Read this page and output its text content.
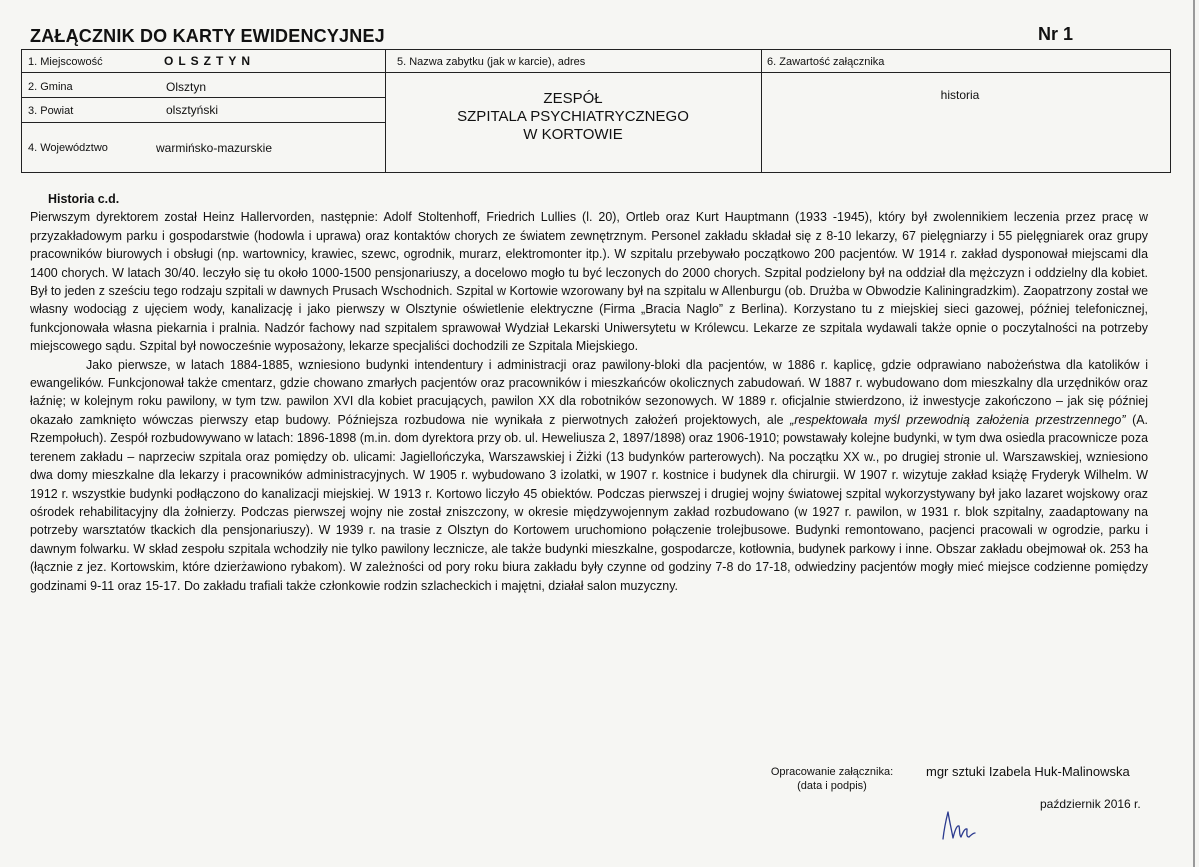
ZAŁĄCZNIK DO KARTY EWIDENCYJNEJ	Nr 1
1. Miejscowość	OLSZTYN
2. Gmina	Olsztyn
3. Powiat	olsztyński
4. Województwo	warmińsko-mazurskie
5. Nazwa zabytku (jak w karcie), adres
ZESPÓŁ
SZPITALA PSYCHIATRYCZNEGO
W KORTOWIE
6. Zawartość załącznika
historia
Historia c.d.

Pierwszym dyrektorem został Heinz Hallervorden, następnie: Adolf Stoltenhoff, Friedrich Lullies (l. 20), Ortleb oraz Kurt Hauptmann (1933 -1945), który był zwolennikiem leczenia przez pracę w przyzakładowym parku i gospodarstwie (hodowla i uprawa) oraz kontaktów chorych ze światem zewnętrznym. Personel zakładu składał się z 8-10 lekarzy, 67 pielęgniarzy i 55 pielęgniarek oraz grupy pracowników biurowych i obsługi (np. wartownicy, krawiec, szewc, ogrodnik, murarz, elektromonter itp.). W szpitalu przebywało początkowo 200 pacjentów. W 1914 r. zakład dysponował miejscami dla 1400 chorych. W latach 30/40. leczyło się tu około 1000-1500 pensjonariuszy, a docelowo mogło tu być leczonych do 2000 chorych. Szpital podzielony był na oddział dla mężczyzn i oddzielny dla kobiet. Był to jeden z sześciu tego rodzaju szpitali w dawnych Prusach Wschodnich. Szpital w Kortowie wzorowany był na szpitalu w Allenburgu (ob. Drużba w Obwodzie Kaliningradzkim). Zaopatrzony został we własny wodociąg z ujęciem wody, kanalizację i jako pierwszy w Olsztynie oświetlenie elektryczne (Firma „Bracia Naglo” z Berlina). Korzystano tu z miejskiej sieci gazowej, później telefonicznej, funkcjonowała własna piekarnia i pralnia. Nadzór fachowy nad szpitalem sprawował Wydział Lekarski Uniwersytetu w Królewcu. Lekarze ze szpitala wydawali także opnie o poczytalności na potrzeby miejscowego sądu. Szpital był nowocześnie wyposażony, lekarze specjaliści dochodzili ze Szpitala Miejskiego.

Jako pierwsze, w latach 1884-1885, wzniesiono budynki intendentury i administracji oraz pawilony-bloki dla pacjentów, w 1886 r. kaplicę, gdzie odprawiano nabożeństwa dla katolików i ewangelików. Funkcjonował także cmentarz, gdzie chowano zmarłych pacjentów oraz pracowników i mieszkańców okolicznych zabudowań. W 1887 r. wybudowano dom mieszkalny dla urzędników oraz łaźnię; w kolejnym roku pawilony, w tym tzw. pawilon XVI dla kobiet pracujących, pawilon XX dla robotników sezonowych. W 1889 r. oficjalnie stwierdzono, iż inwestycje zakończono – jak się później okazało zamknięto wówczas pierwszy etap budowy. Późniejsza rozbudowa nie wynikała z pierwotnych założeń projektowych, ale „respektowała myśl przewodnią założenia przestrzennego” (A. Rzempołuch). Zespół rozbudowywano w latach: 1896-1898 (m.in. dom dyrektora przy ob. ul. Heweliusza 2, 1897/1898) oraz 1906-1910; powstawały kolejne budynki, w tym dwa osiedla pracownicze poza terenem zakładu – naprzeciw szpitala oraz pomiędzy ob. ulicami: Jagiellończyka, Warszawskiej i Żiżki (13 budynków parterowych). Na początku XX w., po drugiej stronie ul. Warszawskiej, wzniesiono dwa domy mieszkalne dla lekarzy i pracowników administracyjnych. W 1905 r. wybudowano 3 izolatki, w 1907 r. kostnice i budynek dla chirurgii. W 1907 r. wizytuje zakład książę Fryderyk Wilhelm. W 1912 r. wszystkie budynki podłączono do kanalizacji miejskiej. W 1913 r. Kortowo liczyło 45 obiektów. Podczas pierwszej i drugiej wojny światowej szpital wykorzystywany był jako lazaret wojskowy oraz ośrodek rehabilitacyjny dla żołnierzy. Podczas pierwszej wojny nie został zniszczony, w okresie międzywojennym zakład rozbudowano (w 1927 r. pawilon, w 1931 r. blok szpitalny, zaadaptowany na potrzeby warsztatów tkackich dla pensjonariuszy). W 1939 r. na trasie z Olsztyn do Kortowem uruchomiono połączenie trolejbusowe. Budynki remontowano, pacjenci pracowali w ogrodzie, parku i dawnym folwarku. W skład zespołu szpitala wchodziły nie tylko pawilony lecznicze, ale także budynki mieszkalne, gospodarcze, kotłownia, budynek parkowy i inne. Obszar zakładu obejmował ok. 253 ha (łącznie z jez. Kortowskim, które dzierżawiono rybakom). W zależności od pory roku biura zakładu były czynne od godziny 7-8 do 17-18, odwiedziny pacjentów mogły mieć miejsce codzienne pomiędzy godzinami 9-11 oraz 15-17. Do zakładu trafiali także członkowie rodzin szlacheckich i majętni, działał salon muzyczny.

Opracowanie załącznika:
(data i podpis)
mgr sztuki Izabela Huk-Malinowska
październik 2016 r.
